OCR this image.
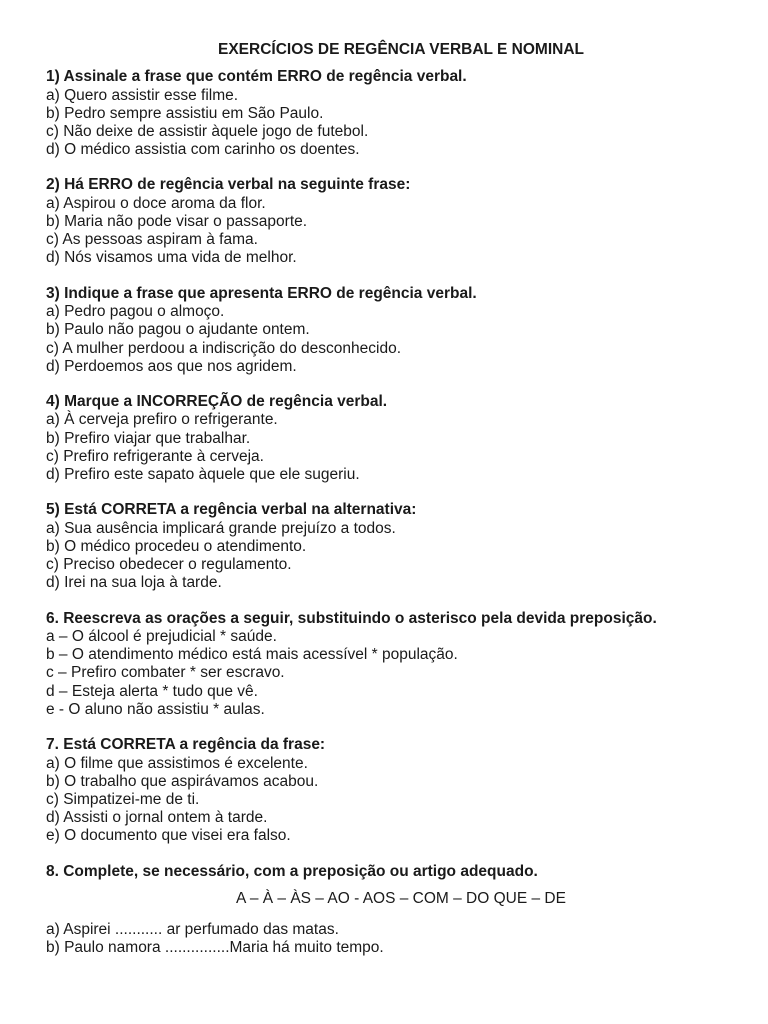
EXERCÍCIOS DE REGÊNCIA VERBAL E NOMINAL
1) Assinale a frase que contém ERRO de regência verbal.
a) Quero assistir esse filme.
b) Pedro sempre assistiu em São Paulo.
c) Não deixe de assistir àquele jogo de futebol.
d) O médico assistia com carinho os doentes.
2) Há ERRO de regência verbal na seguinte frase:
a) Aspirou o doce aroma da flor.
b) Maria não pode visar o passaporte.
c) As pessoas aspiram à fama.
d) Nós visamos uma vida de melhor.
3) Indique a frase que apresenta ERRO de regência verbal.
a) Pedro pagou o almoço.
b) Paulo não pagou o ajudante ontem.
c) A mulher perdoou a indiscrição do desconhecido.
d) Perdoemos aos que nos agridem.
4) Marque a INCORREÇÃO de regência verbal.
a) À cerveja prefiro o refrigerante.
b) Prefiro viajar que trabalhar.
c) Prefiro refrigerante à cerveja.
d) Prefiro este sapato àquele que ele sugeriu.
5) Está CORRETA a regência verbal na alternativa:
a) Sua ausência implicará grande prejuízo a todos.
b) O médico procedeu o atendimento.
c) Preciso obedecer o regulamento.
d) Irei na sua loja à tarde.
6. Reescreva as orações a seguir, substituindo o asterisco pela devida preposição.
a – O álcool é prejudicial * saúde.
b – O atendimento médico está mais acessível * população.
c – Prefiro combater * ser escravo.
d – Esteja alerta * tudo que vê.
e - O aluno não assistiu * aulas.
7. Está CORRETA a regência da frase:
a) O filme que assistimos é excelente.
b) O trabalho que aspirávamos acabou.
c) Simpatizei-me de ti.
d) Assisti o jornal ontem à tarde.
e) O documento que visei era falso.
8. Complete, se necessário, com a preposição ou artigo adequado.
A – À – ÀS – AO - AOS – COM – DO QUE – DE
a) Aspirei ........... ar perfumado das matas.
b) Paulo namora ...............Maria há muito tempo.
